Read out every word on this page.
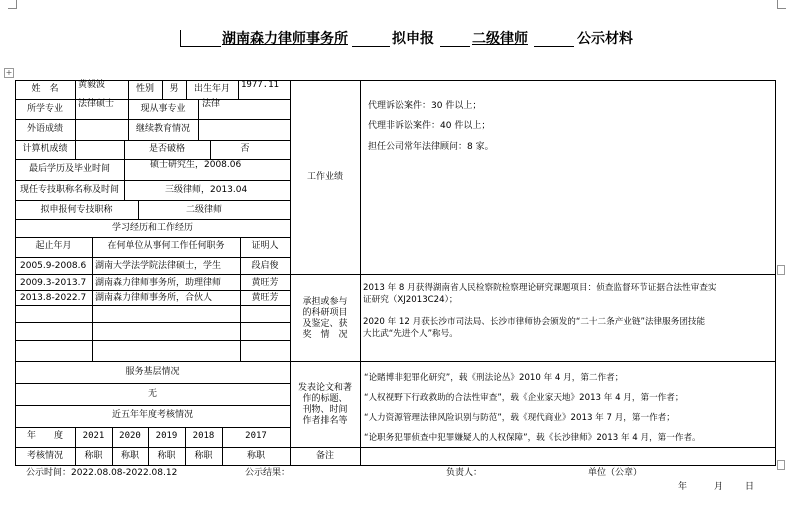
+
湖南森力律师事务所	拟申报	二级律师	公示材料
姓　名	黄毅波	性别	男	出生年月	1977.11
所学专业	法律硕士	现从事专业	法律
外语成绩	继续教育情况
计算机成绩	是否破格	否
最后学历及毕业时间	硕士研究生，2008.06
现任专技职称名称及时间	三级律师，2013.04
拟申报何专技职称	二级律师
学习经历和工作经历
起止年月	在何单位从事何工作任何职务	证明人
2005.9-2008.6 湖南大学法学院法律硕士，学生	段启俊
2009.3-2013.7 湖南森力律师事务所，助理律师	黄旺芳
2013.8-2022.7 湖南森力律师事务所，合伙人	黄旺芳
服务基层情况
无
近五年年度考核情况
年　　度	2021	2020	2019	2018	2017
考核情况	称职	称职	称职	称职	称职
工作业绩
代理诉讼案件：30 件以上；
代理非诉讼案件：40 件以上；
担任公司常年法律顾问：8 家。
承担或参与
的科研项目
及鉴定、获
奖　情　况
2013 年 8 月获得湖南省人民检察院检察理论研究课题项目：侦查监督环节证据合法性审查实
证研究（XJ2013C24）；
2020 年 12 月获长沙市司法局、长沙市律师协会颁发的“二十二条产业链”法律服务团技能
大比武“先进个人”称号。
发表论文和著
作的标题、
刊物、时间
作者排名等
“论賭博非犯罪化研究”，载《刑法论丛》2010 年 4 月，第二作者；
“人权视野下行政救助的合法性审查”，载《企业家天地》2013 年 4 月，第一作者；
“人力资源管理法律风险识别与防范”，载《现代商业》2013 年 7 月，第一作者；
“论职务犯罪侦查中犯罪嫌疑人的人权保障”，载《长沙律师》2013 年 4 月，第一作者。
备注
公示时间：2022.08.08-2022.08.12	公示结果：	负责人：	单位（公章）
年	月 日
